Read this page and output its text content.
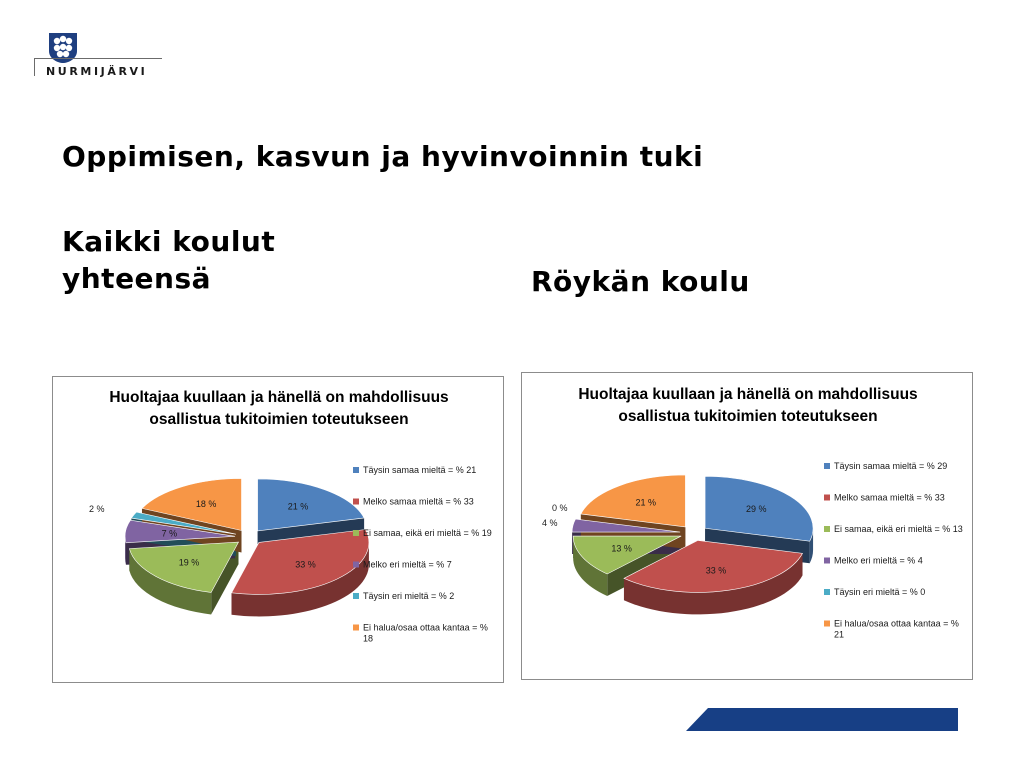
NURMIJÄRVI
Oppimisen, kasvun ja hyvinvoinnin tuki
Kaikki koulut
yhteensä	Röykän koulu
Huoltajaa kuullaan ja hänellä on mahdollisuus
osallistua tukitoimien toteutukseen
21 %
33 %
19 %
7 %
2 %	18 %
Täysin samaa mieltä = % 21
Melko samaa mieltä = % 33
Ei samaa, eikä eri mieltä = % 19
Melko eri mieltä = % 7
Täysin eri mieltä = % 2
Ei halua/osaa ottaa kantaa = %
18
Huoltajaa kuullaan ja hänellä on mahdollisuus
osallistua tukitoimien toteutukseen
29 %
33 %
13 %
4 %
0 %
21 %
Täysin samaa mieltä = % 29
Melko samaa mieltä = % 33
Ei samaa, eikä eri mieltä = % 13
Melko eri mieltä = % 4
Täysin eri mieltä = % 0
Ei halua/osaa ottaa kantaa = %
21
